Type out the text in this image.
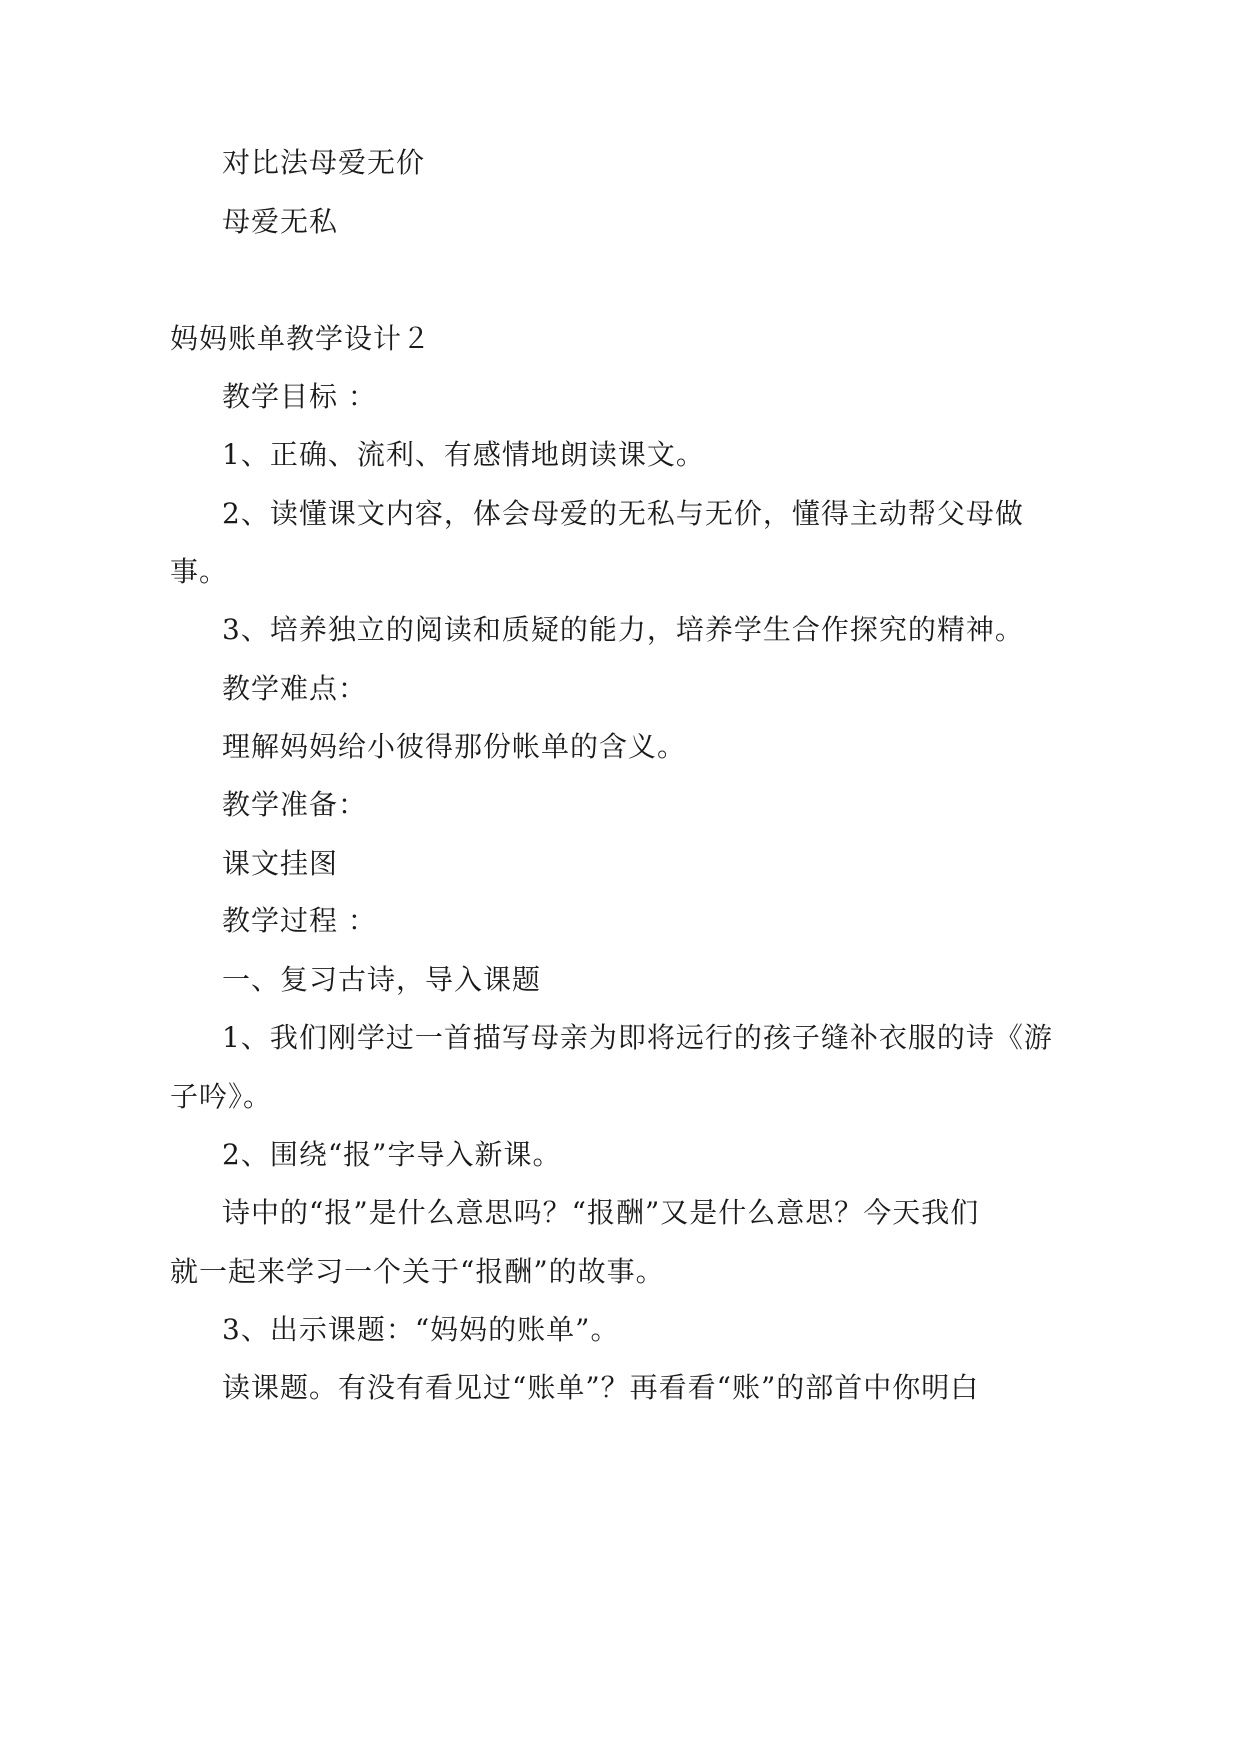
对比法母爱无价
母爱无私
妈妈账单教学设计２
教学目标 ：
1、正确、流利、有感情地朗读课文。
2、读懂课文内容，体会母爱的无私与无价，懂得主动帮父母做
事。
3、培养独立的阅读和质疑的能力，培养学生合作探究的精神。
教学难点：
理解妈妈给小彼得那份帐单的含义。
教学准备：
课文挂图
教学过程 ：
一、复习古诗，导入课题
1、我们刚学过一首描写母亲为即将远行的孩子缝补衣服的诗《游
子吟》。
2、围绕“报”字导入新课。
诗中的“报”是什么意思吗？“报酬”又是什么意思？今天我们
就一起来学习一个关于“报酬”的故事。
3、出示课题：“妈妈的账单”。
读课题。有没有看见过“账单”？再看看“账”的部首中你明白
